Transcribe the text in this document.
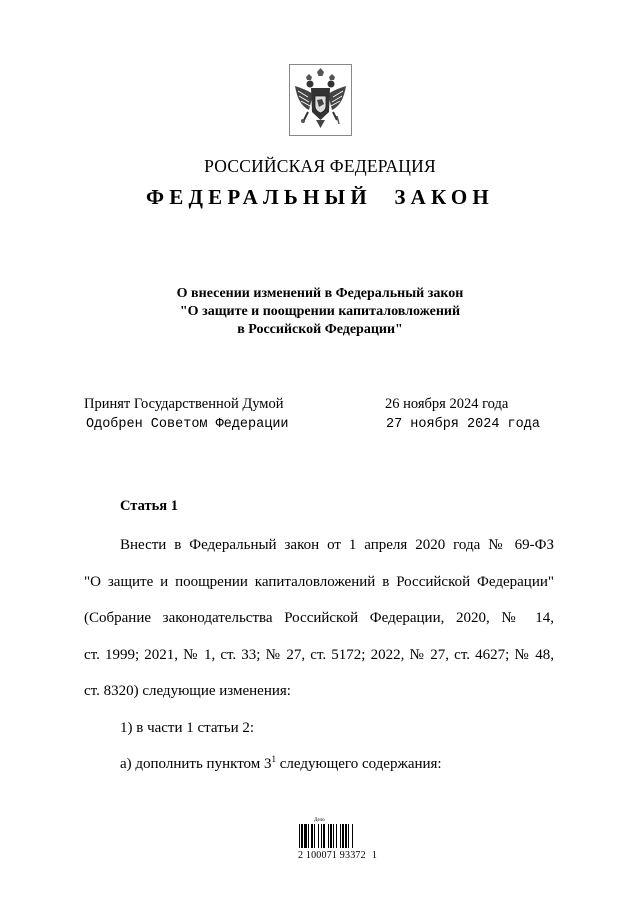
РОССИЙСКАЯ ФЕДЕРАЦИЯ
ФЕДЕРАЛЬНЫЙ ЗАКОН
О внесении изменений в Федеральный закон
"О защите и поощрении капиталовложений
в Российской Федерации"
Принят Государственной Думой	26 ноября 2024 года
Одобрен Советом Федерации	27 ноября 2024 года
Статья 1
Внести в Федеральный закон от 1 апреля 2020 года № 69-ФЗ
"О защите и поощрении капиталовложений в Российской Федерации"
(Собрание законодательства Российской Федерации, 2020, № 14,
ст. 1999; 2021, № 1, ст. 33; № 27, ст. 5172; 2022, № 27, ст. 4627; № 48,
ст. 8320) следующие изменения:
1) в части 1 статьи 2:
а) дополнить пунктом $3^1$ следующего содержания:
Дело
2 100071 93372 1
